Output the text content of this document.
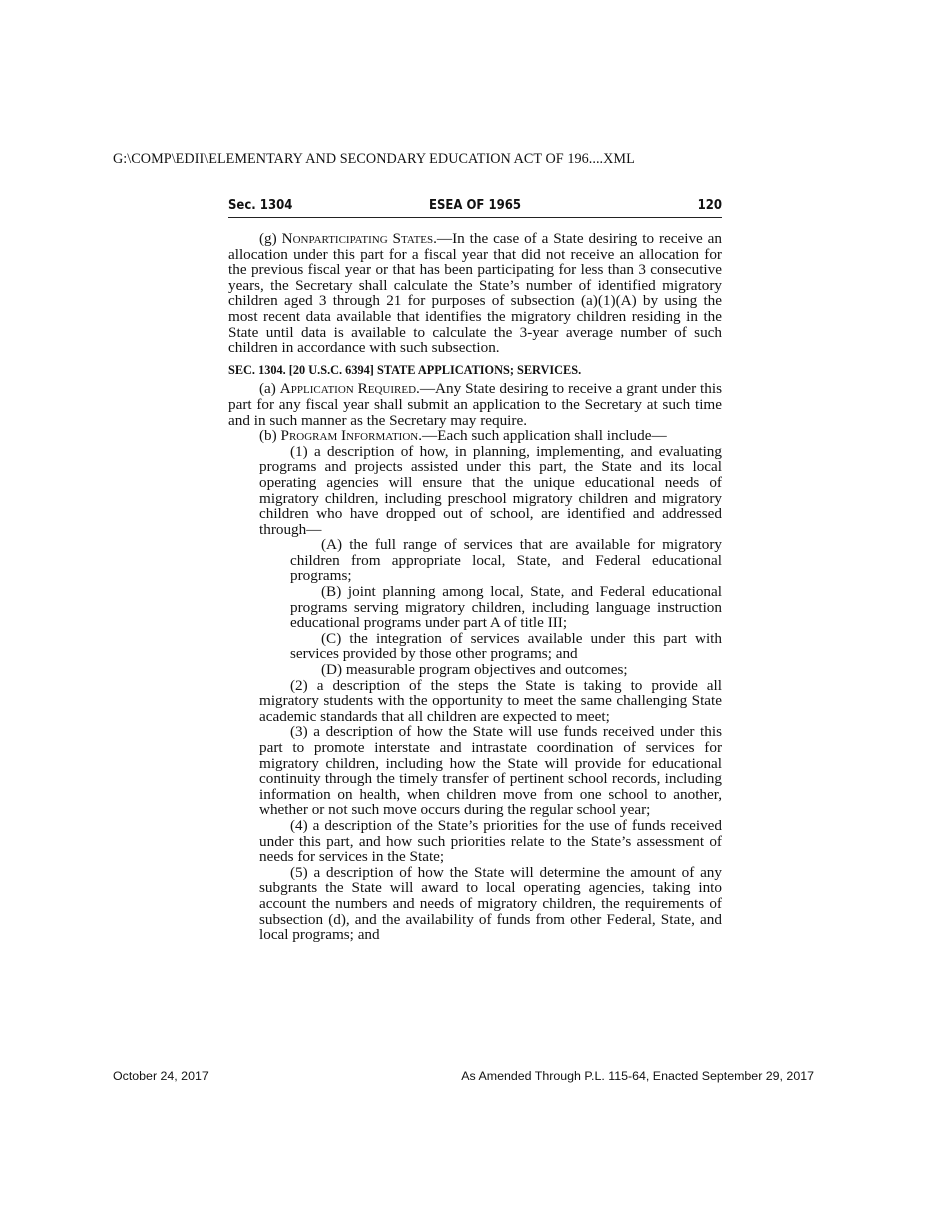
G:\COMP\EDII\ELEMENTARY AND SECONDARY EDUCATION ACT OF 196....XML
ESEA OF 1965
Sec. 1304	120

(g) Nonparticipating States.—In the case of a State desiring to receive an allocation under this part for a fiscal year that did not receive an allocation for the previous fiscal year or that has been participating for less than 3 consecutive years, the Secretary shall calculate the State’s number of identified migratory children aged 3 through 21 for purposes of subsection (a)(1)(A) by using the most recent data available that identifies the migratory children residing in the State until data is available to calculate the 3-year average number of such children in accordance with such subsection.

SEC. 1304. [20 U.S.C. 6394] STATE APPLICATIONS; SERVICES.

(a) Application Required.—Any State desiring to receive a grant under this part for any fiscal year shall submit an application to the Secretary at such time and in such manner as the Secretary may require.

(b) Program Information.—Each such application shall include—

(1) a description of how, in planning, implementing, and evaluating programs and projects assisted under this part, the State and its local operating agencies will ensure that the unique educational needs of migratory children, including preschool migratory children and migratory children who have dropped out of school, are identified and addressed through—

(A) the full range of services that are available for migratory children from appropriate local, State, and Federal educational programs;

(B) joint planning among local, State, and Federal educational programs serving migratory children, including language instruction educational programs under part A of title III;

(C) the integration of services available under this part with services provided by those other programs; and

(D) measurable program objectives and outcomes;

(2) a description of the steps the State is taking to provide all migratory students with the opportunity to meet the same challenging State academic standards that all children are expected to meet;

(3) a description of how the State will use funds received under this part to promote interstate and intrastate coordination of services for migratory children, including how the State will provide for educational continuity through the timely transfer of pertinent school records, including information on health, when children move from one school to another, whether or not such move occurs during the regular school year;

(4) a description of the State’s priorities for the use of funds received under this part, and how such priorities relate to the State’s assessment of needs for services in the State;

(5) a description of how the State will determine the amount of any subgrants the State will award to local operating agencies, taking into account the numbers and needs of migratory children, the requirements of subsection (d), and the availability of funds from other Federal, State, and local programs; and

October 24, 2017	As Amended Through P.L. 115-64, Enacted September 29, 2017
